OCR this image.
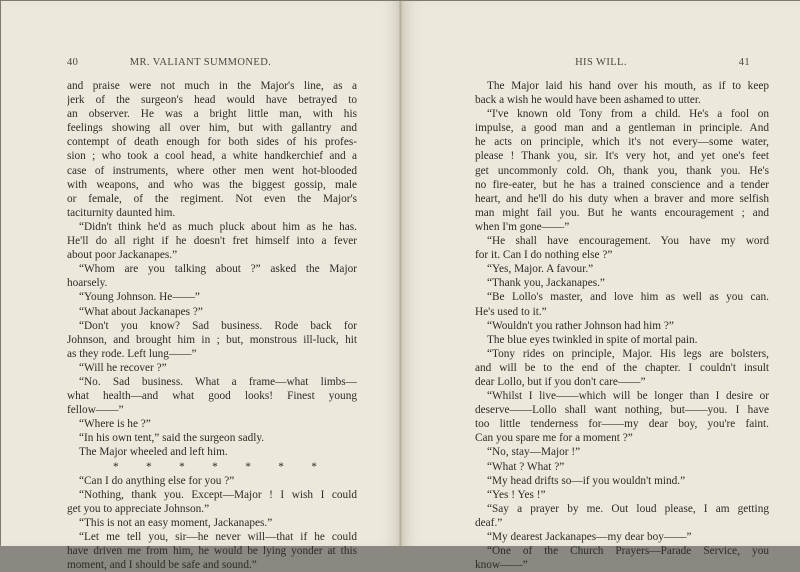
40	MR. VALIANT SUMMONED.
and praise were not much in the Major's line, as a
jerk of the surgeon's head would have betrayed to
an observer. He was a bright little man, with his
feelings showing all over him, but with gallantry and
contempt of death enough for both sides of his profes-
sion ; who took a cool head, a white handkerchief and a
case of instruments, where other men went hot-blooded
with weapons, and who was the biggest gossip, male
or female, of the regiment. Not even the Major's
taciturnity daunted him.
“Didn't think he'd as much pluck about him as he has.
He'll do all right if he doesn't fret himself into a fever
about poor Jackanapes.”
“Whom are you talking about ?” asked the Major
hoarsely.
“Young Johnson. He——”
“What about Jackanapes ?”
“Don't you know? Sad business. Rode back for
Johnson, and brought him in ; but, monstrous ill-luck, hit
as they rode. Left lung——”
“Will he recover ?”
“No. Sad business. What a frame—what limbs—
what health—and what good looks! Finest young
fellow——”
“Where is he ?”
“In his own tent,” said the surgeon sadly.
The Major wheeled and left him.
* * * * * * *
“Can I do anything else for you ?”
“Nothing, thank you. Except—Major ! I wish I could
get you to appreciate Johnson.”
“This is not an easy moment, Jackanapes.”
“Let me tell you, sir—he never will—that if he could
have driven me from him, he would be lying yonder at this
moment, and I should be safe and sound.”
HIS WILL.	41
The Major laid his hand over his mouth, as if to keep
back a wish he would have been ashamed to utter.
“I've known old Tony from a child. He's a fool on
impulse, a good man and a gentleman in principle. And
he acts on principle, which it's not every—some water,
please ! Thank you, sir. It's very hot, and yet one's feet
get uncommonly cold. Oh, thank you, thank you. He's
no fire-eater, but he has a trained conscience and a tender
heart, and he'll do his duty when a braver and more selfish
man might fail you. But he wants encouragement ; and
when I'm gone——”
“He shall have encouragement. You have my word
for it. Can I do nothing else ?”
“Yes, Major. A favour.”
“Thank you, Jackanapes.”
“Be Lollo's master, and love him as well as you can.
He's used to it.”
“Wouldn't you rather Johnson had him ?”
The blue eyes twinkled in spite of mortal pain.
“Tony rides on principle, Major. His legs are bolsters,
and will be to the end of the chapter. I couldn't insult
dear Lollo, but if you don't care——”
“Whilst I live——which will be longer than I desire or
deserve——Lollo shall want nothing, but——you. I have
too little tenderness for——my dear boy, you're faint.
Can you spare me for a moment ?”
“No, stay—Major !”
“What ? What ?”
“My head drifts so—if you wouldn't mind.”
“Yes ! Yes !”
“Say a prayer by me. Out loud please, I am getting
deaf.”
“My dearest Jackanapes—my dear boy——”
“One of the Church Prayers—Parade Service, you
know——”
